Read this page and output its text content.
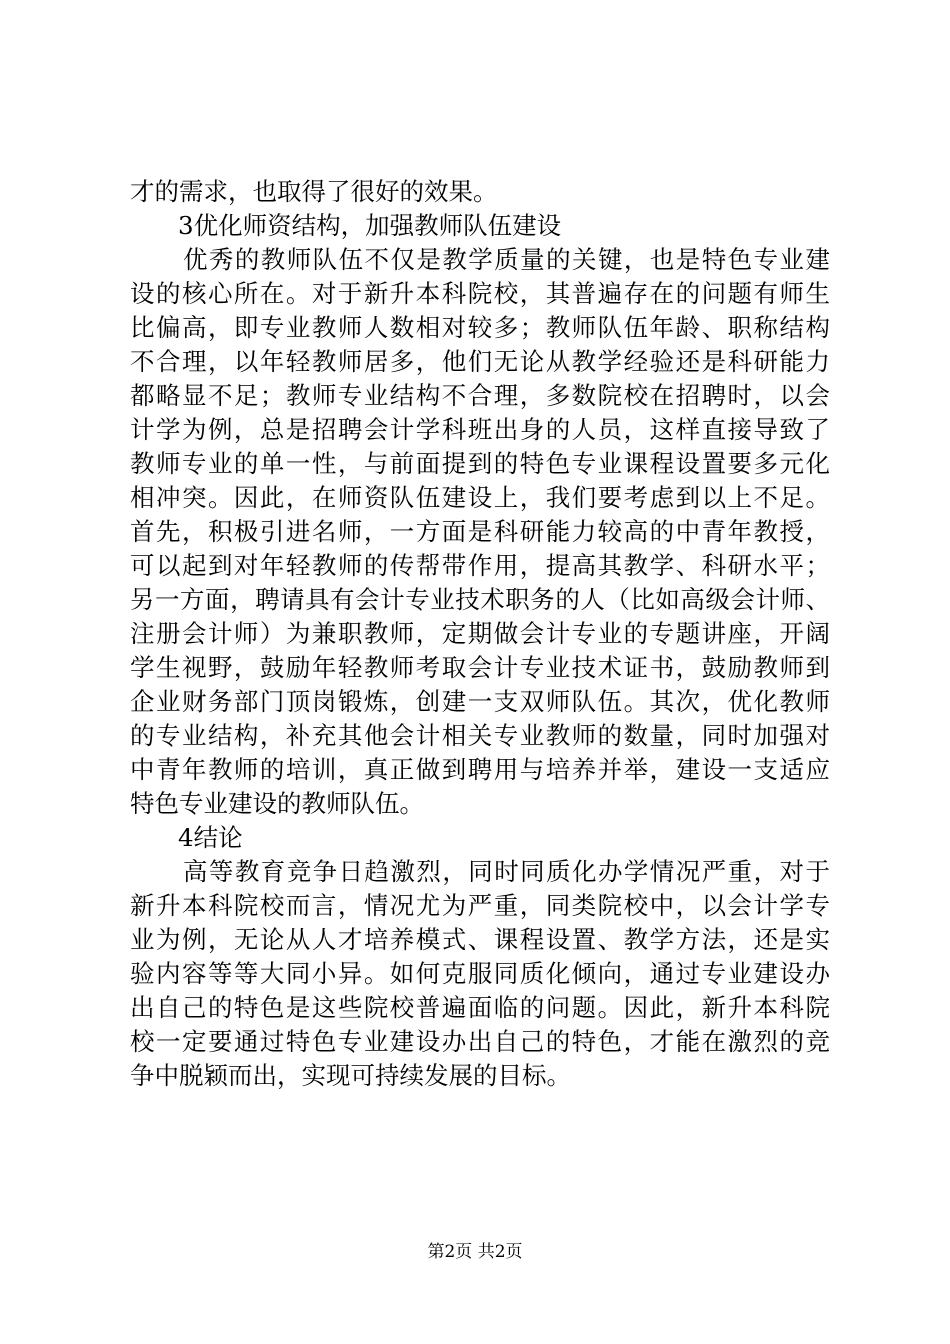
才的需求，也取得了很好的效果。
3优化师资结构，加强教师队伍建设
优秀的教师队伍不仅是教学质量的关键，也是特色专业建
设的核心所在。对于新升本科院校，其普遍存在的问题有师生
比偏高，即专业教师人数相对较多；教师队伍年龄、职称结构
不合理，以年轻教师居多，他们无论从教学经验还是科研能力
都略显不足；教师专业结构不合理，多数院校在招聘时，以会
计学为例，总是招聘会计学科班出身的人员，这样直接导致了
教师专业的单一性，与前面提到的特色专业课程设置要多元化
相冲突。因此，在师资队伍建设上，我们要考虑到以上不足。
首先，积极引进名师，一方面是科研能力较高的中青年教授，
可以起到对年轻教师的传帮带作用，提高其教学、科研水平；
另一方面，聘请具有会计专业技术职务的人（比如高级会计师、
注册会计师）为兼职教师，定期做会计专业的专题讲座，开阔
学生视野，鼓励年轻教师考取会计专业技术证书，鼓励教师到
企业财务部门顶岗锻炼，创建一支双师队伍。其次，优化教师
的专业结构，补充其他会计相关专业教师的数量，同时加强对
中青年教师的培训，真正做到聘用与培养并举，建设一支适应
特色专业建设的教师队伍。
4结论
高等教育竞争日趋激烈，同时同质化办学情况严重，对于
新升本科院校而言，情况尤为严重，同类院校中，以会计学专
业为例，无论从人才培养模式、课程设置、教学方法，还是实
验内容等等大同小异。如何克服同质化倾向，通过专业建设办
出自己的特色是这些院校普遍面临的问题。因此，新升本科院
校一定要通过特色专业建设办出自己的特色，才能在激烈的竞
争中脱颖而出，实现可持续发展的目标。
第2页 共2页
